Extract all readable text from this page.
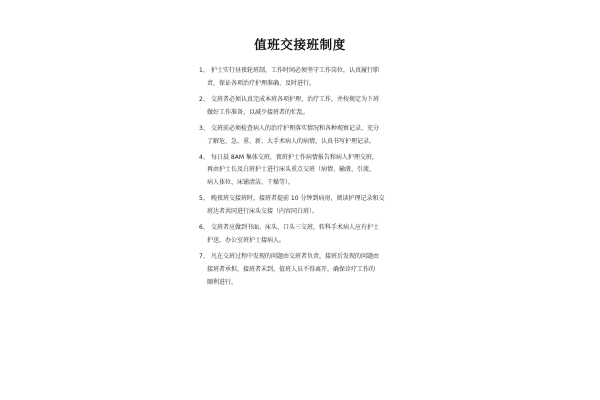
值班交接班制度
1、 护士实行昼夜轮班制，工作时间必须坚守工作岗位，认真履行职
责，保证各项治疗护理准确、及时进行。
2、 交班者必须认真完成本班各项护理、治疗工作，并按规定为下班
做好工作准备，以减少接班者的忙乱。
3、 交班前必须检查病人的治疗护理落实情况和各种观察记录、充分
了解危、急、重、新、大手术病人的病情，认真书写护理记录。
4、 每日晨 8AM 集体交班，夜班护士作病情报告和病人护理交班，
再由护士长及白班护士进行床头重点交班（病情、输液、引流、
病人体位、床铺清洁、干燥等）。
5、 晚夜班交接班时，接班者提前 10 分钟到病房，阅读护理记录和交
班达者共同进行床头交接（内容同白班）。
6、 交班者应做到书面、床头、口头三交班，转科手术病人应有护士
护送，办公室班护士接病人。
7、 凡在交班过程中发现的问题由交班者负责，接班后发现的问题由
接班者承担，接班者未到，值班人员不得离开，确保诊疗工作的
顺利进行。
